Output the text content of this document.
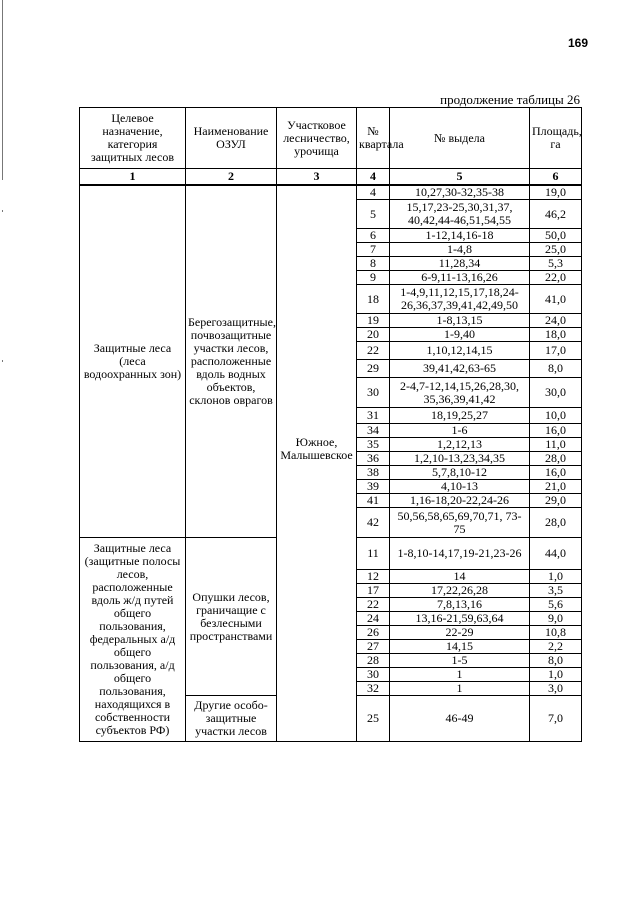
169
продолжение таблицы 26
Целевое назначение, категория защитных лесов	Наименование ОЗУЛ	Участковое лесничество, урочища	№ квартала	№ выдела	Площадь, га
1	2	3	4	5	6
Защитные леса (леса водоохранных зон)	Берегозащитные, почвозащитные участки лесов, расположенные вдоль водных объектов, склонов оврагов	Южное, Малышевское	4	10,27,30-32,35-38	19,0
			5	15,17,23-25,30,31,37, 40,42,44-46,51,54,55	46,2
			6	1-12,14,16-18	50,0
			7	1-4,8	25,0
			8	11,28,34	5,3
			9	6-9,11-13,16,26	22,0
			18	1-4,9,11,12,15,17,18,24-26,36,37,39,41,42,49,50	41,0
			19	1-8,13,15	24,0
			20	1-9,40	18,0
			22	1,10,12,14,15	17,0
			29	39,41,42,63-65	8,0
			30	2-4,7-12,14,15,26,28,30, 35,36,39,41,42	30,0
			31	18,19,25,27	10,0
			34	1-6	16,0
			35	1,2,12,13	11,0
			36	1,2,10-13,23,34,35	28,0
			38	5,7,8,10-12	16,0
			39	4,10-13	21,0
			41	1,16-18,20-22,24-26	29,0
			42	50,56,58,65,69,70,71, 73-75	28,0
Защитные леса (защитные полосы лесов, расположенные вдоль ж/д путей общего пользования, федеральных а/д общего пользования, а/д общего пользования, находящихся в собственности субъектов РФ)	Опушки лесов, граничащие с безлесными пространствами		11	1-8,10-14,17,19-21,23-26	44,0
			12	14	1,0
			17	17,22,26,28	3,5
			22	7,8,13,16	5,6
			24	13,16-21,59,63,64	9,0
			26	22-29	10,8
			27	14,15	2,2
			28	1-5	8,0
			30	1	1,0
			32	1	3,0
	Другие особо-защитные участки лесов		25	46-49	7,0
